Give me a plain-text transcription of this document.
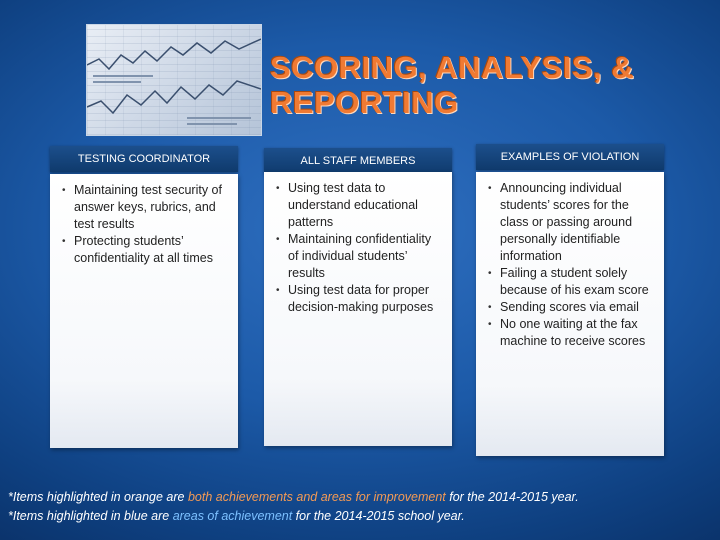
SCORING, ANALYSIS, &
REPORTING
TESTING COORDINATOR	ALL STAFF MEMBERS	EXAMPLES OF VIOLATION
• Maintaining test security of answer keys, rubrics, and test results
• Protecting students’ confidentiality at all times
• Using test data to understand educational patterns
• Maintaining confidentiality of individual students’ results
• Using test data for proper decision-making purposes
• Announcing individual students’ scores for the class or passing around personally identifiable information
• Failing a student solely because of his exam score
• Sending scores via email
• No one waiting at the fax machine to receive scores
*Items highlighted in orange are both achievements and areas for improvement for the 2014-2015 year.
*Items highlighted in blue are areas of achievement for the 2014-2015 school year.
